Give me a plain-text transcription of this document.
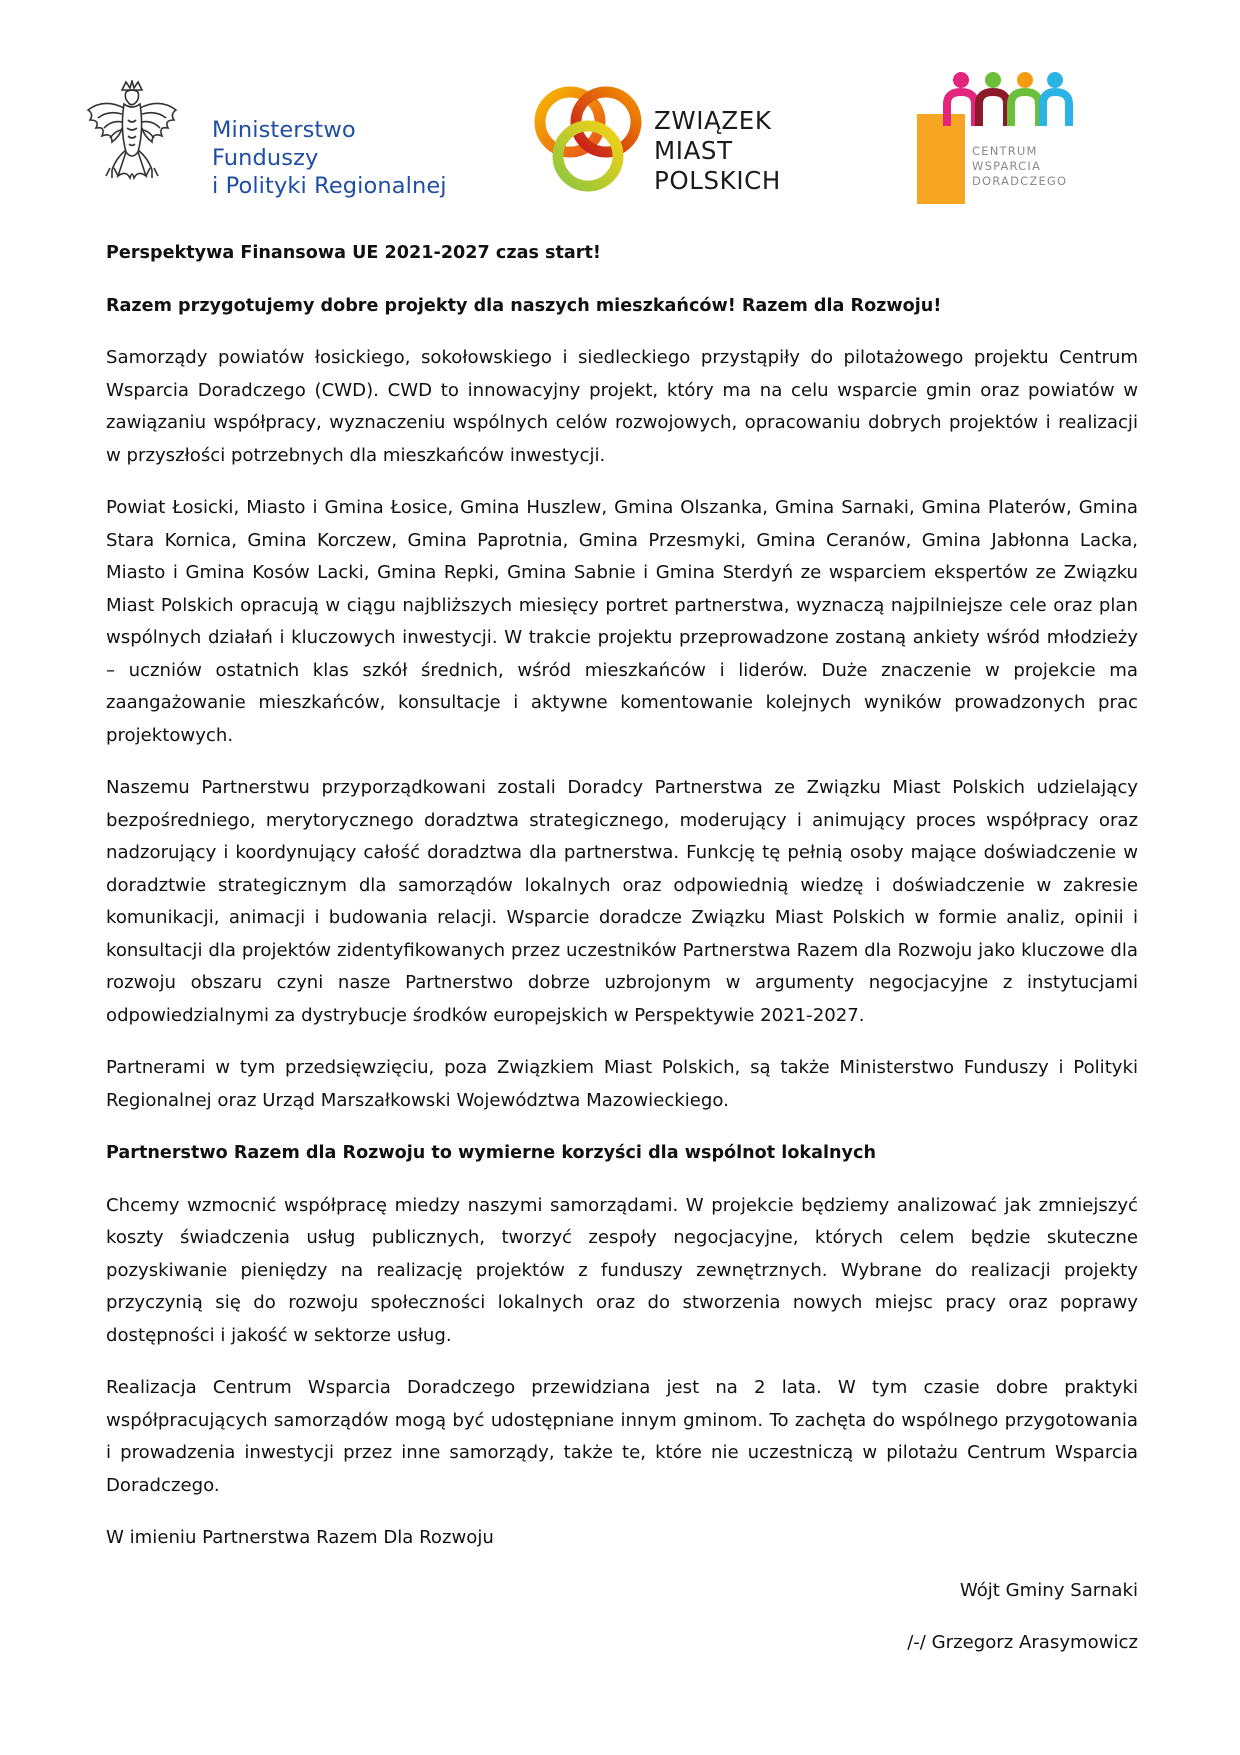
Ministerstwo
Funduszy
i Polityki Regionalnej
ZWIĄZEK
MIAST
POLSKICH
CENTRUM
WSPARCIA
DORADCZEGO

Perspektywa Finansowa UE 2021-2027 czas start!

Razem przygotujemy dobre projekty dla naszych mieszkańców! Razem dla Rozwoju!

Samorządy powiatów łosickiego, sokołowskiego i siedleckiego przystąpiły do pilotażowego projektu Centrum Wsparcia Doradczego (CWD). CWD to innowacyjny projekt, który ma na celu wsparcie gmin oraz powiatów w zawiązaniu współpracy, wyznaczeniu wspólnych celów rozwojowych, opracowaniu dobrych projektów i realizacji w przyszłości potrzebnych dla mieszkańców inwestycji.

Powiat Łosicki, Miasto i Gmina Łosice, Gmina Huszlew, Gmina Olszanka, Gmina Sarnaki, Gmina Platerów, Gmina Stara Kornica, Gmina Korczew, Gmina Paprotnia, Gmina Przesmyki, Gmina Ceranów, Gmina Jabłonna Lacka, Miasto i Gmina Kosów Lacki, Gmina Repki, Gmina Sabnie i Gmina Sterdyń ze wsparciem ekspertów ze Związku Miast Polskich opracują w ciągu najbliższych miesięcy portret partnerstwa, wyznaczą najpilniejsze cele oraz plan wspólnych działań i kluczowych inwestycji. W trakcie projektu przeprowadzone zostaną ankiety wśród młodzieży – uczniów ostatnich klas szkół średnich, wśród mieszkańców i liderów. Duże znaczenie w projekcie ma zaangażowanie mieszkańców, konsultacje i aktywne komentowanie kolejnych wyników prowadzonych prac projektowych.

Naszemu Partnerstwu przyporządkowani zostali Doradcy Partnerstwa ze Związku Miast Polskich udzielający bezpośredniego, merytorycznego doradztwa strategicznego, moderujący i animujący proces współpracy oraz nadzorujący i koordynujący całość doradztwa dla partnerstwa. Funkcję tę pełnią osoby mające doświadczenie w doradztwie strategicznym dla samorządów lokalnych oraz odpowiednią wiedzę i doświadczenie w zakresie komunikacji, animacji i budowania relacji. Wsparcie doradcze Związku Miast Polskich w formie analiz, opinii i konsultacji dla projektów zidentyfikowanych przez uczestników Partnerstwa Razem dla Rozwoju jako kluczowe dla rozwoju obszaru czyni nasze Partnerstwo dobrze uzbrojonym w argumenty negocjacyjne z instytucjami odpowiedzialnymi za dystrybucje środków europejskich w Perspektywie 2021-2027.

Partnerami w tym przedsięwzięciu, poza Związkiem Miast Polskich, są także Ministerstwo Funduszy i Polityki Regionalnej oraz Urząd Marszałkowski Województwa Mazowieckiego.

Partnerstwo Razem dla Rozwoju to wymierne korzyści dla wspólnot lokalnych

Chcemy wzmocnić współpracę miedzy naszymi samorządami. W projekcie będziemy analizować jak zmniejszyć koszty świadczenia usług publicznych, tworzyć zespoły negocjacyjne, których celem będzie skuteczne pozyskiwanie pieniędzy na realizację projektów z funduszy zewnętrznych. Wybrane do realizacji projekty przyczynią się do rozwoju społeczności lokalnych oraz do stworzenia nowych miejsc pracy oraz poprawy dostępności i jakość w sektorze usług.

Realizacja Centrum Wsparcia Doradczego przewidziana jest na 2 lata. W tym czasie dobre praktyki współpracujących samorządów mogą być udostępniane innym gminom. To zachęta do wspólnego przygotowania i prowadzenia inwestycji przez inne samorządy, także te, które nie uczestniczą w pilotażu Centrum Wsparcia Doradczego.

W imieniu Partnerstwa Razem Dla Rozwoju

Wójt Gminy Sarnaki

/-/ Grzegorz Arasymowicz
